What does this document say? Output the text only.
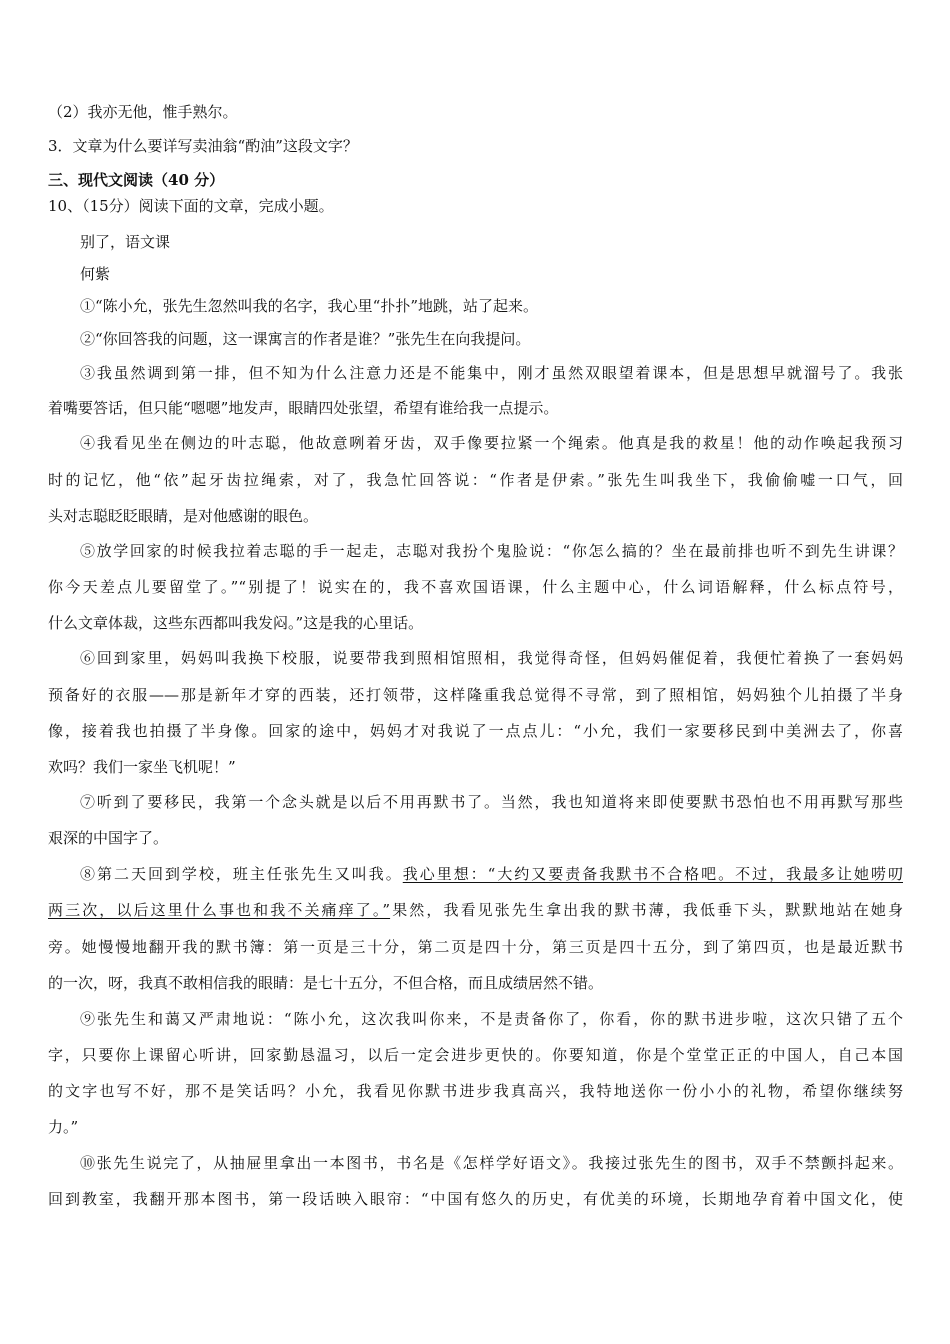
（2）我亦无他，惟手熟尔。
3．文章为什么要详写卖油翁“酌油”这段文字？
三、现代文阅读（40 分）
10、（15分）阅读下面的文章，完成小题。
别了，语文课
何紫
①“陈小允，张先生忽然叫我的名字，我心里“扑扑”地跳，站了起来。
②“你回答我的问题，这一课寓言的作者是谁？”张先生在向我提问。
③我虽然调到第一排，但不知为什么注意力还是不能集中，刚才虽然双眼望着课本，但是思想早就溜号了。我张
着嘴要答话，但只能“嗯嗯”地发声，眼睛四处张望，希望有谁给我一点提示。
④我看见坐在侧边的叶志聪，他故意咧着牙齿，双手像要拉紧一个绳索。他真是我的救星！他的动作唤起我预习
时的记忆，他“依”起牙齿拉绳索，对了，我急忙回答说：“作者是伊索。”张先生叫我坐下，我偷偷嘘一口气，回
头对志聪眨眨眼睛，是对他感谢的眼色。
⑤放学回家的时候我拉着志聪的手一起走，志聪对我扮个鬼脸说：“你怎么搞的？坐在最前排也听不到先生讲课？
你今天差点儿要留堂了。”“别提了！说实在的，我不喜欢国语课，什么主题中心，什么词语解释，什么标点符号，
什么文章体裁，这些东西都叫我发闷。”这是我的心里话。
⑥回到家里，妈妈叫我换下校服，说要带我到照相馆照相，我觉得奇怪，但妈妈催促着，我便忙着换了一套妈妈
预备好的衣服——那是新年才穿的西装，还打领带，这样隆重我总觉得不寻常，到了照相馆，妈妈独个儿拍摄了半身
像，接着我也拍摄了半身像。回家的途中，妈妈才对我说了一点点儿：“小允，我们一家要移民到中美洲去了，你喜
欢吗？我们一家坐飞机呢！”
⑦听到了要移民，我第一个念头就是以后不用再默书了。当然，我也知道将来即使要默书恐怕也不用再默写那些
艰深的中国字了。
⑧第二天回到学校，班主任张先生又叫我。我心里想：“大约又要责备我默书不合格吧。不过，我最多让她唠叨
两三次，以后这里什么事也和我不关痛痒了。”果然，我看见张先生拿出我的默书薄，我低垂下头，默默地站在她身
旁。她慢慢地翻开我的默书簿：第一页是三十分，第二页是四十分，第三页是四十五分，到了第四页，也是最近默书
的一次，呀，我真不敢相信我的眼睛：是七十五分，不但合格，而且成绩居然不错。
⑨张先生和蔼又严肃地说：“陈小允，这次我叫你来，不是责备你了，你看，你的默书进步啦，这次只错了五个
字，只要你上课留心听讲，回家勤恳温习，以后一定会进步更快的。你要知道，你是个堂堂正正的中国人，自己本国
的文字也写不好，那不是笑话吗？小允，我看见你默书进步我真高兴，我特地送你一份小小的礼物，希望你继续努
力。”
⑩张先生说完了，从抽屉里拿出一本图书，书名是《怎样学好语文》。我接过张先生的图书，双手不禁颤抖起来。
回到教室，我翻开那本图书，第一段话映入眼帘：“中国有悠久的历史，有优美的环境，长期地孕育着中国文化，使
